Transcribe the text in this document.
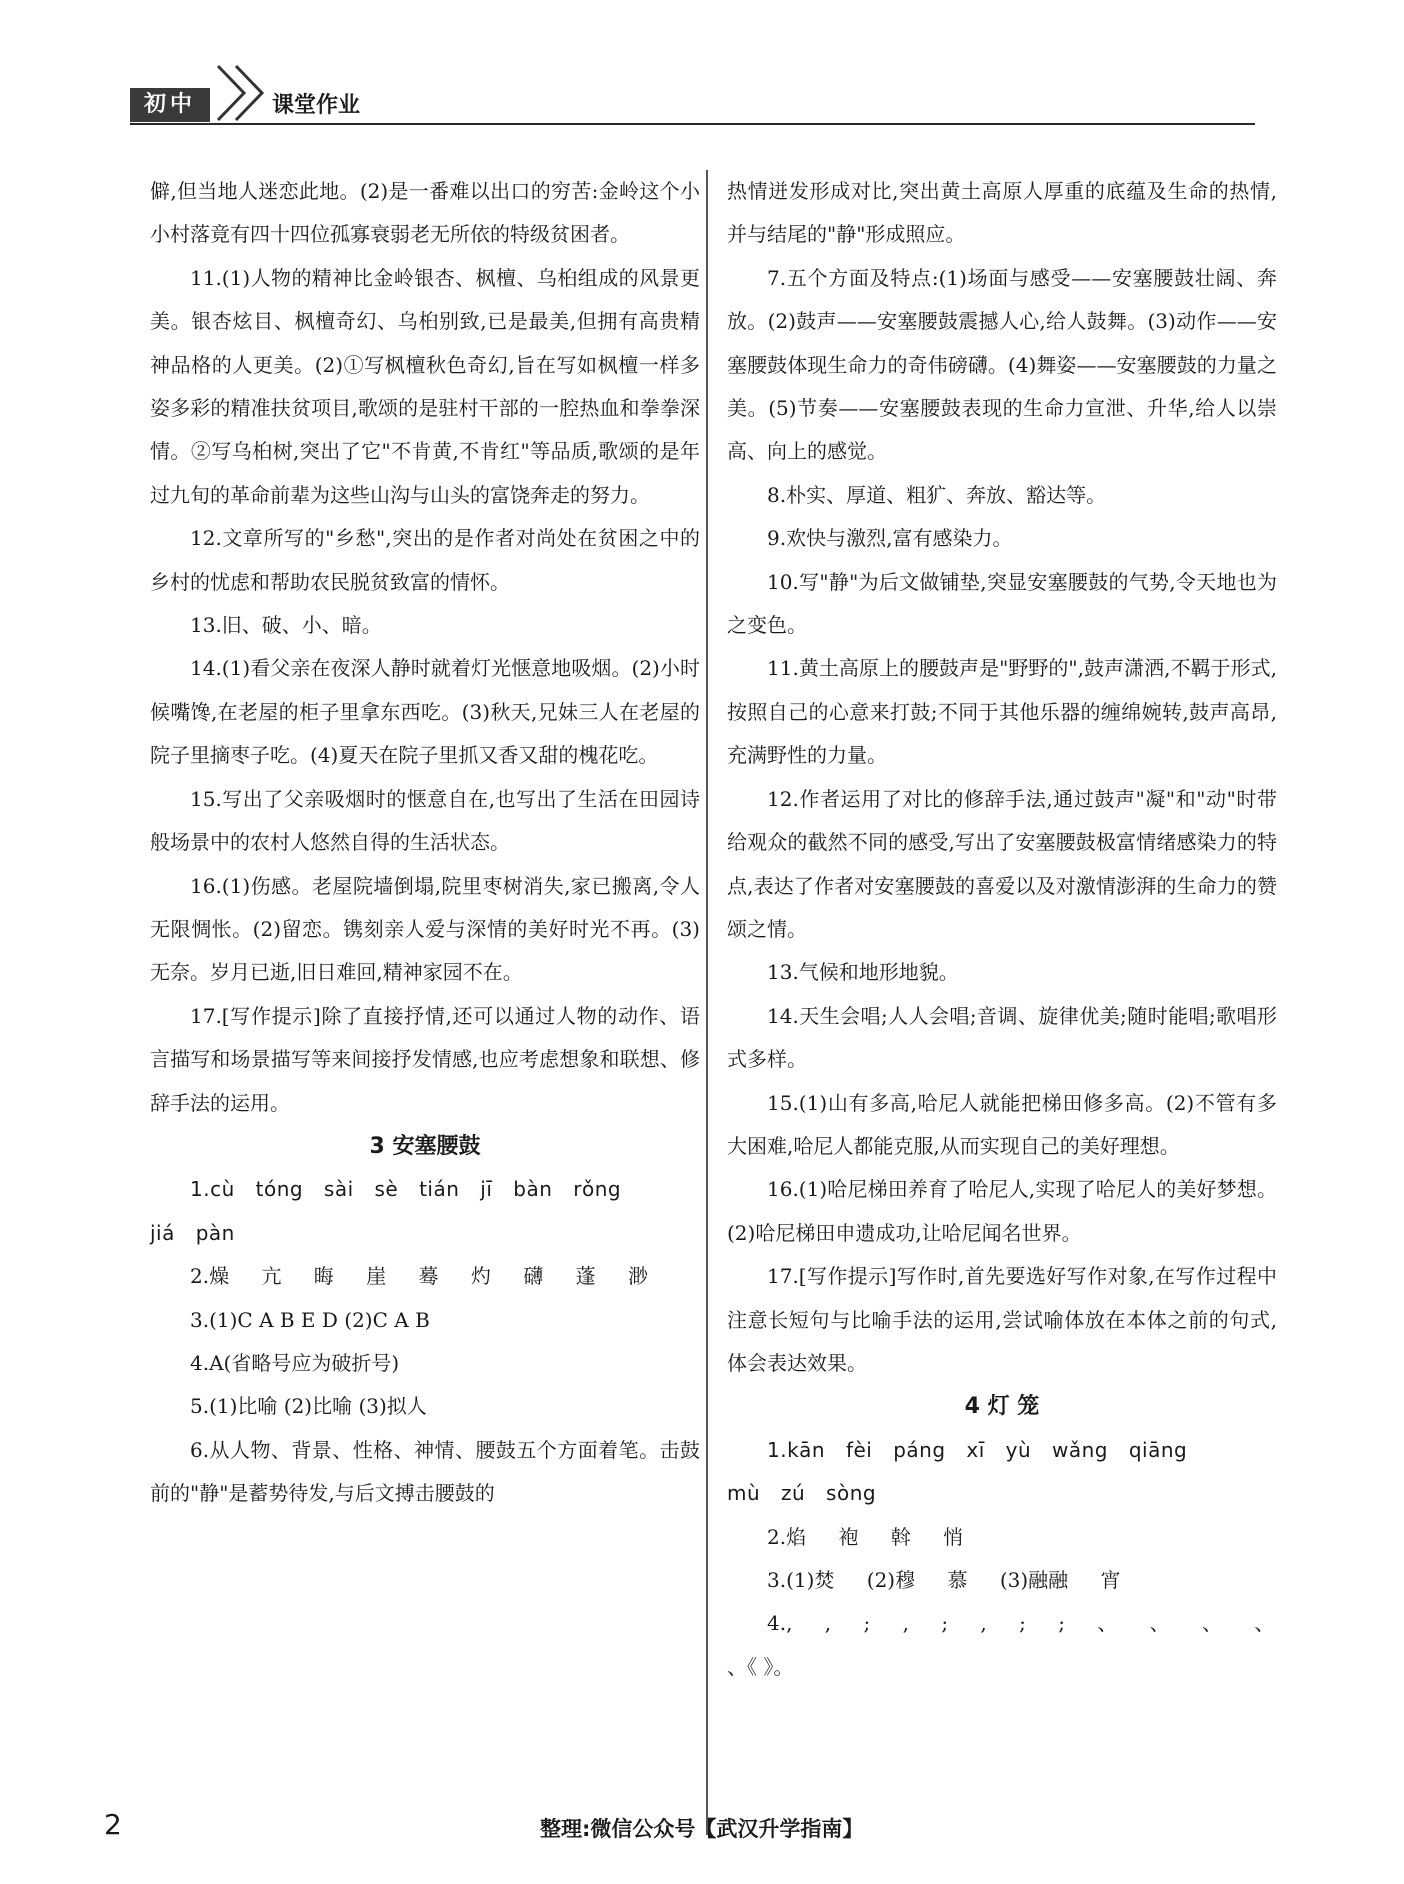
初中	课堂作业

僻,但当地人迷恋此地。(2)是一番难以出口的穷苦:金岭这个小小村落竟有四十四位孤寡衰弱老无所依的特级贫困者。

11.(1)人物的精神比金岭银杏、枫檀、乌桕组成的风景更美。银杏炫目、枫檀奇幻、乌桕别致,已是最美,但拥有高贵精神品格的人更美。(2)①写枫檀秋色奇幻,旨在写如枫檀一样多姿多彩的精准扶贫项目,歌颂的是驻村干部的一腔热血和拳拳深情。②写乌桕树,突出了它"不肯黄,不肯红"等品质,歌颂的是年过九旬的革命前辈为这些山沟与山头的富饶奔走的努力。

12.文章所写的"乡愁",突出的是作者对尚处在贫困之中的乡村的忧虑和帮助农民脱贫致富的情怀。

13.旧、破、小、暗。

14.(1)看父亲在夜深人静时就着灯光惬意地吸烟。(2)小时候嘴馋,在老屋的柜子里拿东西吃。(3)秋天,兄妹三人在老屋的院子里摘枣子吃。(4)夏天在院子里抓又香又甜的槐花吃。

15.写出了父亲吸烟时的惬意自在,也写出了生活在田园诗般场景中的农村人悠然自得的生活状态。

16.(1)伤感。老屋院墙倒塌,院里枣树消失,家已搬离,令人无限惆怅。(2)留恋。镌刻亲人爱与深情的美好时光不再。(3)无奈。岁月已逝,旧日难回,精神家园不在。

17.[写作提示]除了直接抒情,还可以通过人物的动作、语言描写和场景描写等来间接抒发情感,也应考虑想象和联想、修辞手法的运用。

3 安塞腰鼓

1.cù tóng sài sè tián jī bàn rǒng

jiá pàn

2.燥 亢 晦 崖 蓦 灼 礴 蓬 渺

3.(1)C A B E D (2)C A B

4.A(省略号应为破折号)

5.(1)比喻 (2)比喻 (3)拟人

6.从人物、背景、性格、神情、腰鼓五个方面着笔。击鼓前的"静"是蓄势待发,与后文搏击腰鼓的

热情迸发形成对比,突出黄土高原人厚重的底蕴及生命的热情,并与结尾的"静"形成照应。

7.五个方面及特点:(1)场面与感受——安塞腰鼓壮阔、奔放。(2)鼓声——安塞腰鼓震撼人心,给人鼓舞。(3)动作——安塞腰鼓体现生命力的奇伟磅礴。(4)舞姿——安塞腰鼓的力量之美。(5)节奏——安塞腰鼓表现的生命力宣泄、升华,给人以崇高、向上的感觉。

8.朴实、厚道、粗犷、奔放、豁达等。

9.欢快与激烈,富有感染力。

10.写"静"为后文做铺垫,突显安塞腰鼓的气势,令天地也为之变色。

11.黄土高原上的腰鼓声是"野野的",鼓声潇洒,不羁于形式,按照自己的心意来打鼓;不同于其他乐器的缠绵婉转,鼓声高昂,充满野性的力量。

12.作者运用了对比的修辞手法,通过鼓声"凝"和"动"时带给观众的截然不同的感受,写出了安塞腰鼓极富情绪感染力的特点,表达了作者对安塞腰鼓的喜爱以及对激情澎湃的生命力的赞颂之情。

13.气候和地形地貌。

14.天生会唱;人人会唱;音调、旋律优美;随时能唱;歌唱形式多样。

15.(1)山有多高,哈尼人就能把梯田修多高。(2)不管有多大困难,哈尼人都能克服,从而实现自己的美好理想。

16.(1)哈尼梯田养育了哈尼人,实现了哈尼人的美好梦想。(2)哈尼梯田申遗成功,让哈尼闻名世界。

17.[写作提示]写作时,首先要选好写作对象,在写作过程中注意长短句与比喻手法的运用,尝试喻体放在本体之前的句式,体会表达效果。

4 灯 笼

1.kān fèi páng xī yù wǎng qiāng

mù zú sòng

2.焰 袍 斡 悄

3.(1)焚 (2)穆 慕 (3)融融 宵

4., , ; , ; , ; ; 、 、 、 、

、《 》。

2	整理:微信公众号【武汉升学指南】
